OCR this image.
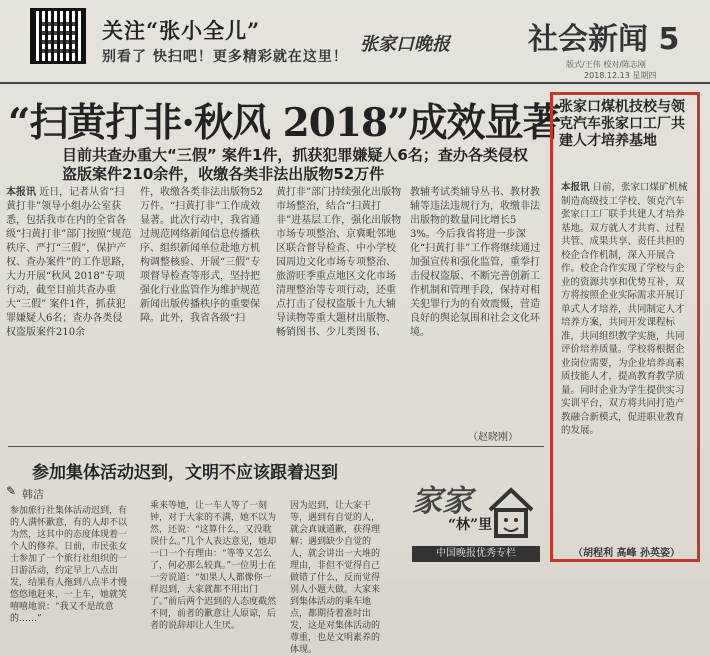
关注“张小全儿”
别看了 快扫吧！更多精彩就在这里！
张家口晚报	社会新闻 5
版式/王伟 校对/陈志刚
2018.12.13 星期四
“扫黄打非·秋风 2018”成效显著
目前共查办重大“三假” 案件1件，抓获犯罪嫌疑人6名；查办各类侵权盗版案件210余件，收缴各类非法出版物52万件
本报讯 近日，记者从省“扫黄打非”领导小组办公室获悉，包括我市在内的全省各级“扫黄打非”部门按照“规范秩序、严打“三假”，保护产权、查办案件”的工作思路，大力开展“秋风 2018”专项行动，截至目前共查办重大“三假” 案件1件，抓获犯罪嫌疑人6名；查办各类侵权盗版案件210余
件，收缴各类非法出版物52万件。“扫黄打非”工作成效显著。此次行动中，我省通过规范网络新闻信息传播秩序、组织新闻单位赴地方机构调整核验、开展“三假”专项督导检查等形式，坚持把强化行业监管作为维护规范新闻出版传播秩序的重要保障。此外，我省各级“扫
黄打非”部门持续强化出版物市场整治，结合“扫黄打非”进基层工作，强化出版物市场专项整治、京冀毗邻地区联合督导检查、中小学校园周边文化市场专项整治、旅游旺季重点地区文化市场清理整治等专项行动，还重点打击了侵权盗版十九大辅导读物等重大题材出版物、畅销图书、少儿类图书、
教辅考试类辅导丛书、教材教辅等违法违规行为，收缴非法出版物的数量同比增长53%。今后我省将进一步深化“扫黄打非”工作将继续通过加强宣传和强化监管，重拳打击侵权盗版、不断完善创新工作机制和管理手段，保持对相关犯罪行为的有效震慑，营造良好的舆论氛围和社会文化环境。
（赵晓刚）
参加集体活动迟到，文明不应该跟着迟到
✎ 韩洁
参加旅行社集体活动迟到，有的人满怀歉意，有的人却不以为然，这其中的态度体现着一个人的修养。日前，市民张女士参加了一个旅行社组织的一日游活动，约定早上八点出发，结果有人拖到八点半才慢悠悠地赶来，一上车，她就笑嘻嘻地说：“我又不是故意的……”
乘来等她，让一车人等了一刻钟，对于大家的不满，她不以为然，还说：“这算什么，又没耽误什么。”几个人表达意见，她却一口一个有理由：“等等又怎么了，何必那么较真。”一位男士在一旁说道：“如果人人都像你一样迟到，大家就都不用出门了。”前后两个迟到的人态度截然不同，前者的歉意让人原谅，后者的说辞却让人生厌。
因为迟到，让大家干等，遇到有自觉的人，就会真诚道歉，获得理解；遇到缺少自觉的人，就会讲出一大堆的理由，非但不觉得自己做错了什么，反而觉得别人小题大做。大家来到集体活动的乘车地点，都期待着准时出发，这是对集体活动的尊重，也是文明素养的体现。
家家
“林”里
中国晚报优秀专栏
张家口煤机技校与领克汽车张家口工厂共建人才培养基地
本报讯 日前，张家口煤矿机械制造高级技工学校、领克汽车张家口工厂联手共建人才培养基地。双方就人才共育、过程共管、成果共享、责任共担的校企合作机制，深入开展合作。校企合作实现了学校与企业的资源共享和优势互补，双方将按照企业实际需求开展订单式人才培养，共同制定人才培养方案，共同开发课程标准，共同组织教学实施，共同评价培养质量。学校将根据企业岗位需要，为企业培养高素质技能人才，提高教育教学质量。同时企业为学生提供实习实训平台，双方将共同打造产教融合新模式，促进职业教育的发展。
（胡程利 高峰 孙英姿）
